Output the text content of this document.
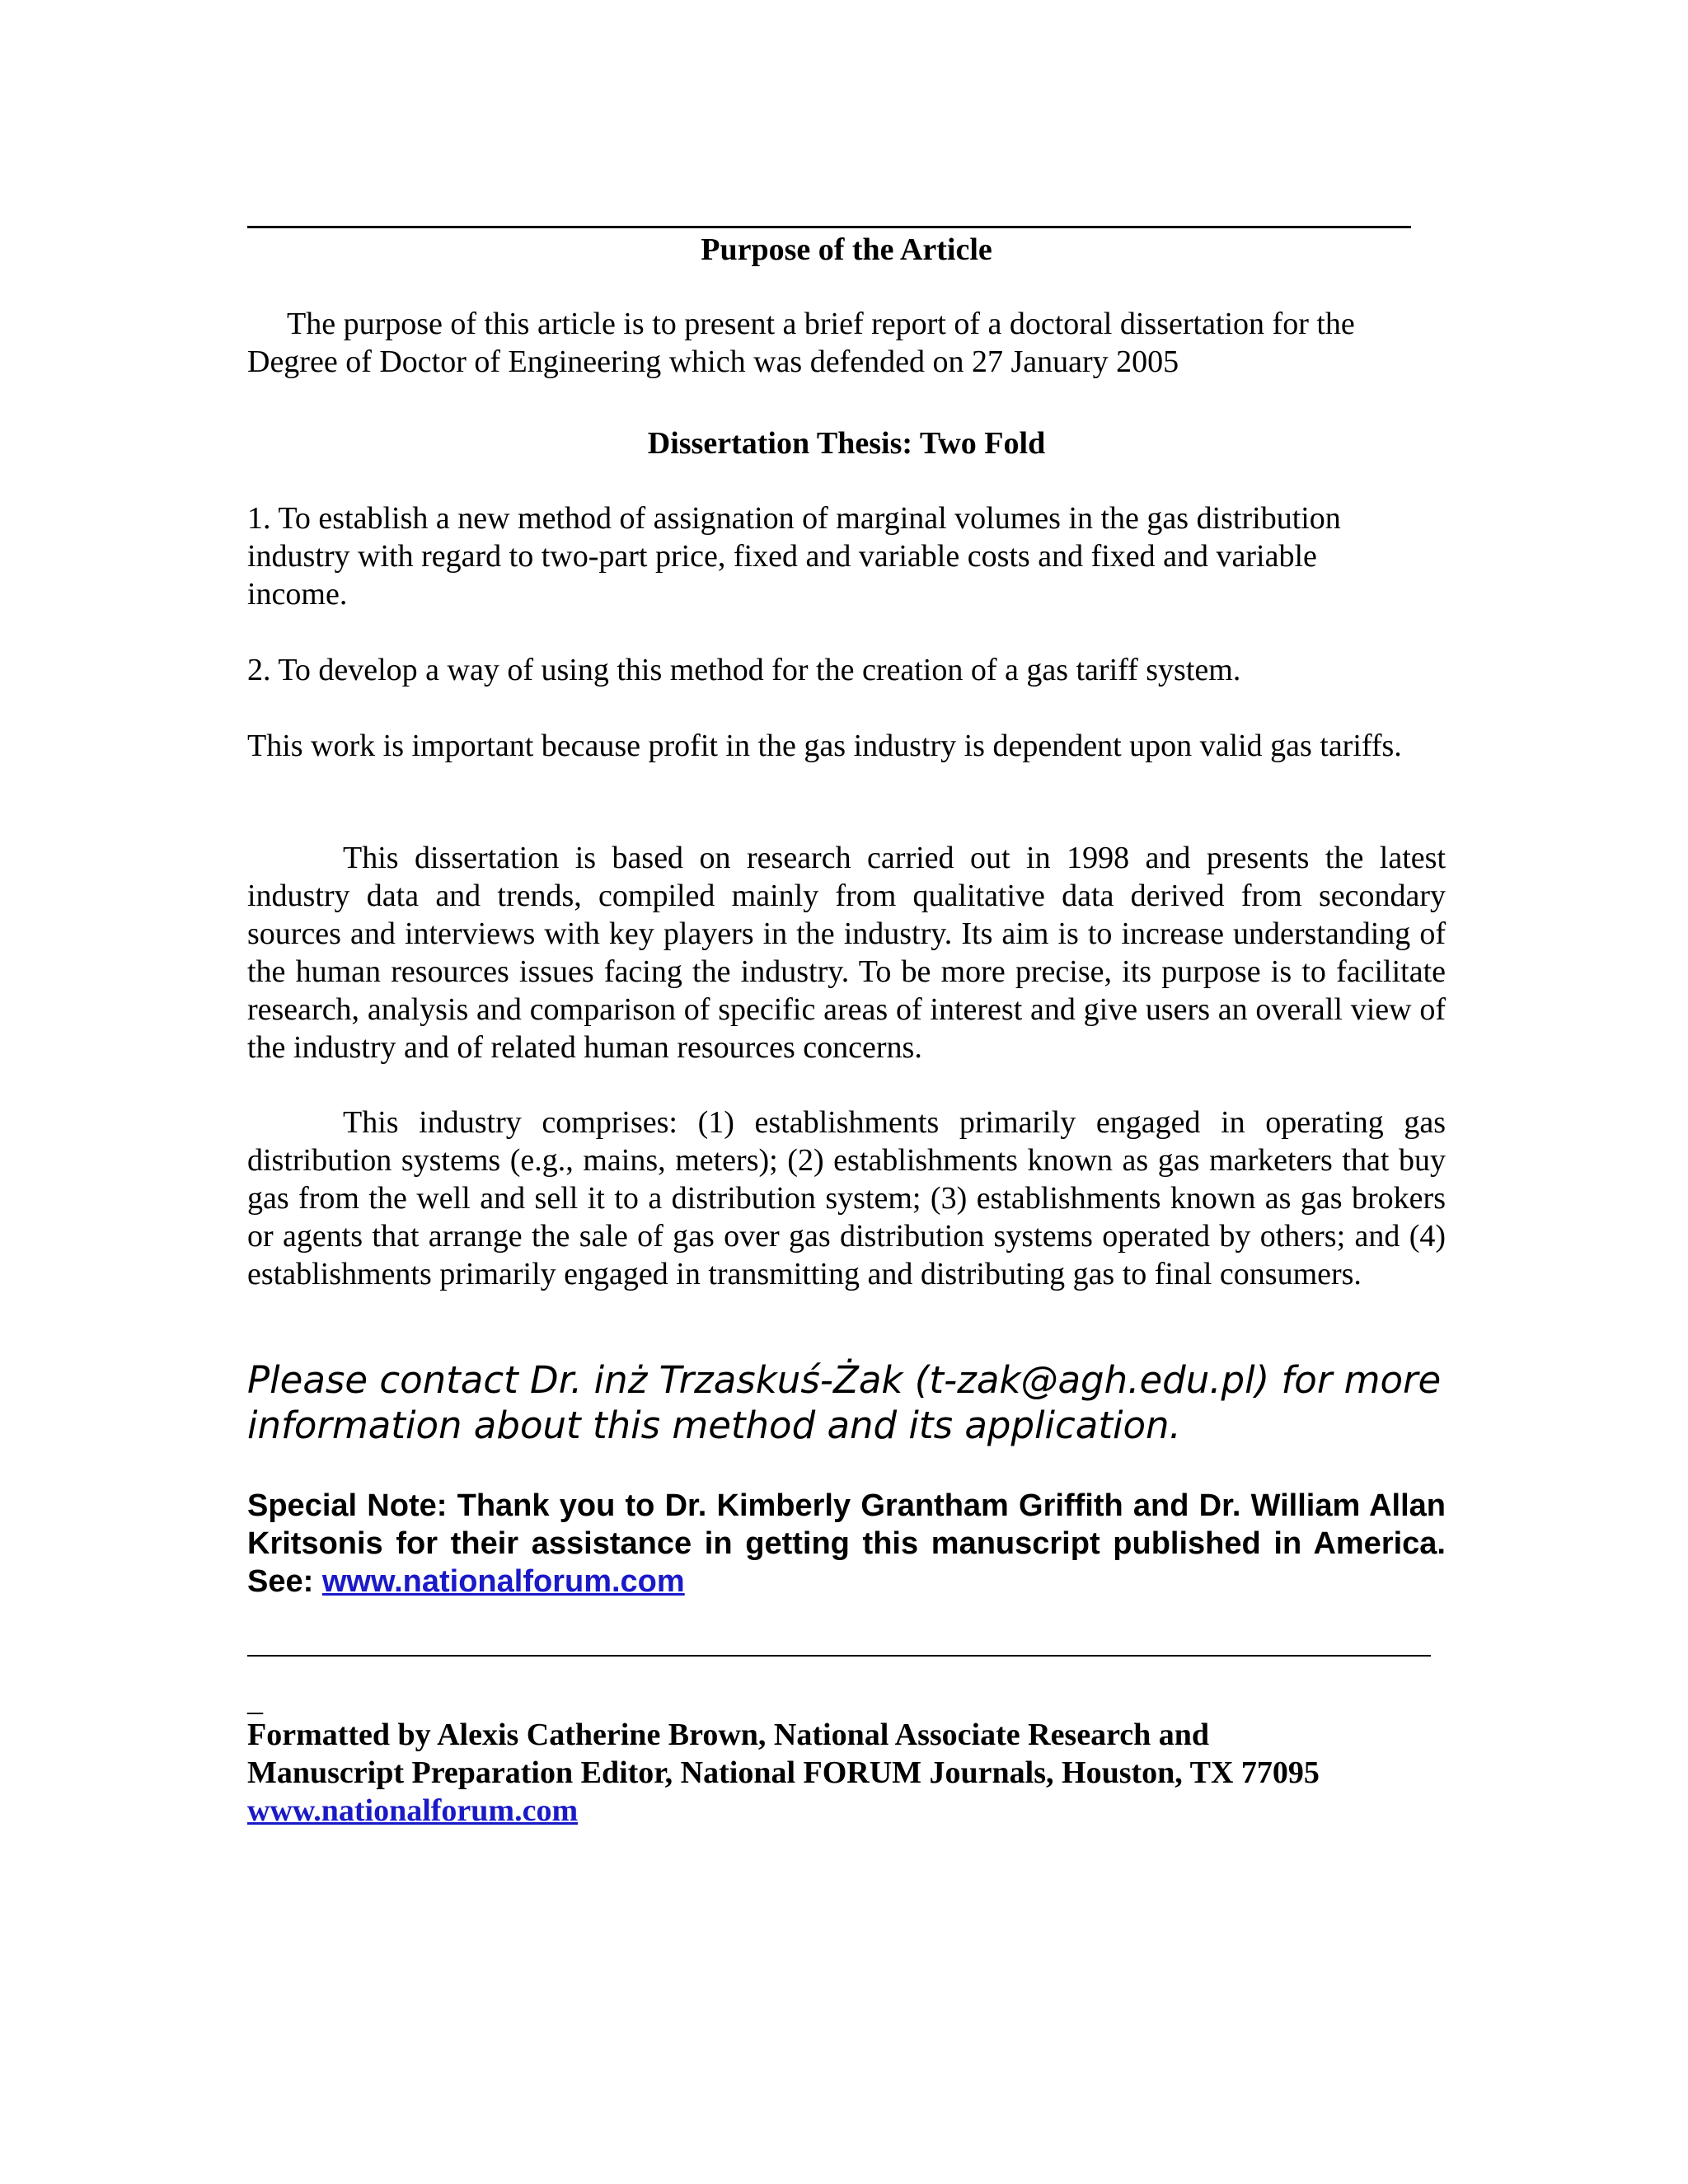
Purpose of the Article

The purpose of this article is to present a brief report of a doctoral dissertation for the Degree of Doctor of Engineering which was defended on 27 January 2005

Dissertation Thesis: Two Fold

1. To establish a new method of assignation of marginal volumes in the gas distribution industry with regard to two-part price, fixed and variable costs and fixed and variable income.

2. To develop a way of using this method for the creation of a gas tariff system.

This work is important because profit in the gas industry is dependent upon valid gas tariffs.

This dissertation is based on research carried out in 1998 and presents the latest industry data and trends, compiled mainly from qualitative data derived from secondary sources and interviews with key players in the industry. Its aim is to increase understanding of the human resources issues facing the industry. To be more precise, its purpose is to facilitate research, analysis and comparison of specific areas of interest and give users an overall view of the industry and of related human resources concerns.

This industry comprises: (1) establishments primarily engaged in operating gas distribution systems (e.g., mains, meters); (2) establishments known as gas marketers that buy gas from the well and sell it to a distribution system; (3) establishments known as gas brokers or agents that arrange the sale of gas over gas distribution systems operated by others; and (4) establishments primarily engaged in transmitting and distributing gas to final consumers.

Please contact Dr. inż Trzaskuś-Żak (t-zak@agh.edu.pl) for more information about this method and its application.

Special Note: Thank you to Dr. Kimberly Grantham Griffith and Dr. William Allan Kritsonis for their assistance in getting this manuscript published in America. See: www.nationalforum.com

_
Formatted by Alexis Catherine Brown, National Associate Research and
Manuscript Preparation Editor, National FORUM Journals, Houston, TX 77095
www.nationalforum.com
